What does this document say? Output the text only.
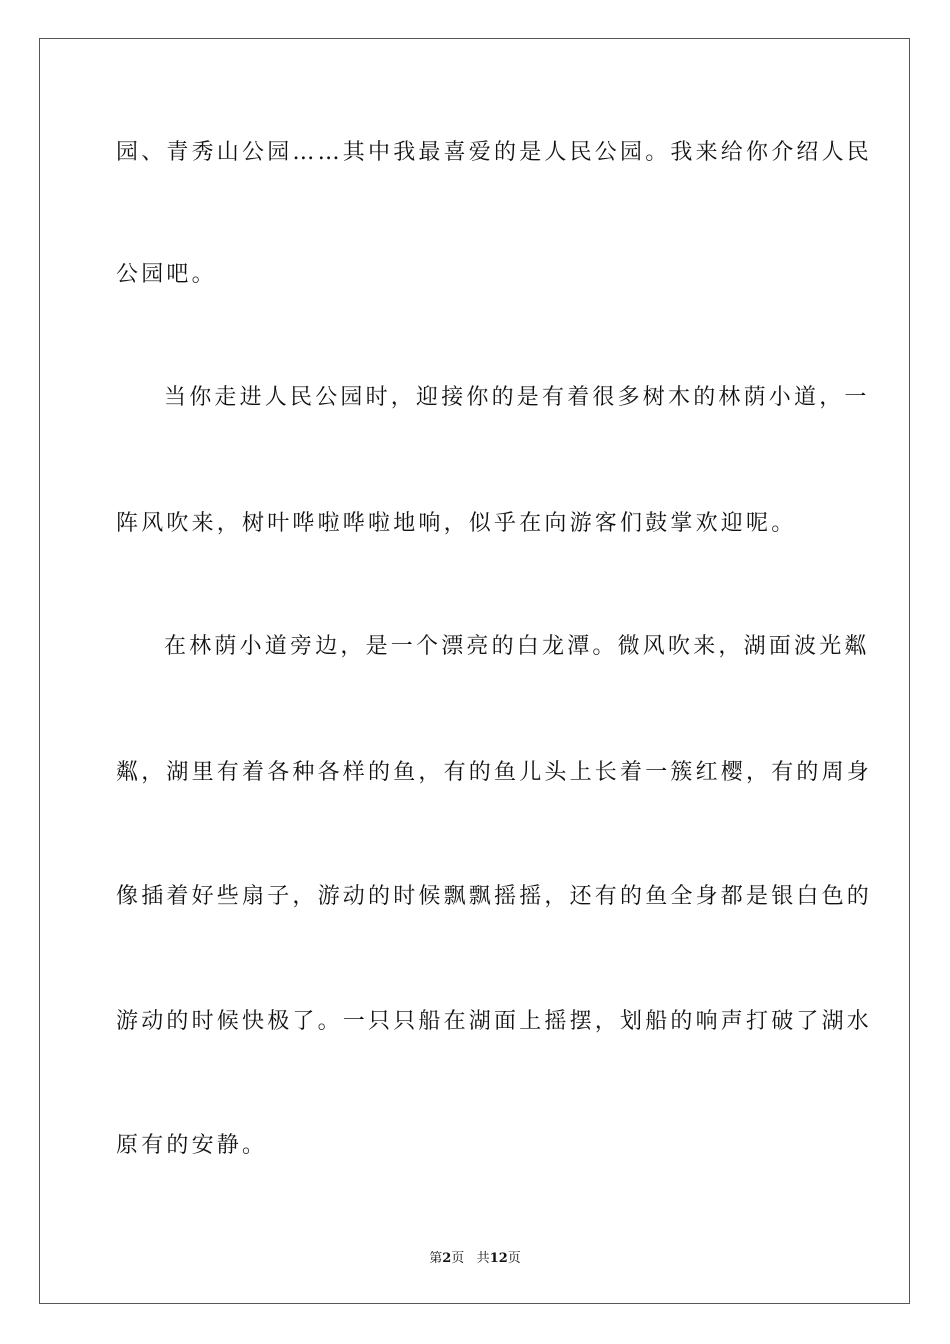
园、青秀山公园……其中我最喜爱的是人民公园。我来给你介绍人民
公园吧。
当你走进人民公园时，迎接你的是有着很多树木的林荫小道，一
阵风吹来，树叶哗啦哗啦地响，似乎在向游客们鼓掌欢迎呢。
在林荫小道旁边，是一个漂亮的白龙潭。微风吹来，湖面波光粼
粼，湖里有着各种各样的鱼，有的鱼儿头上长着一簇红樱，有的周身
像插着好些扇子，游动的时候飘飘摇摇，还有的鱼全身都是银白色的
游动的时候快极了。一只只船在湖面上摇摆，划船的响声打破了湖水
原有的安静。
第2页 共12页
